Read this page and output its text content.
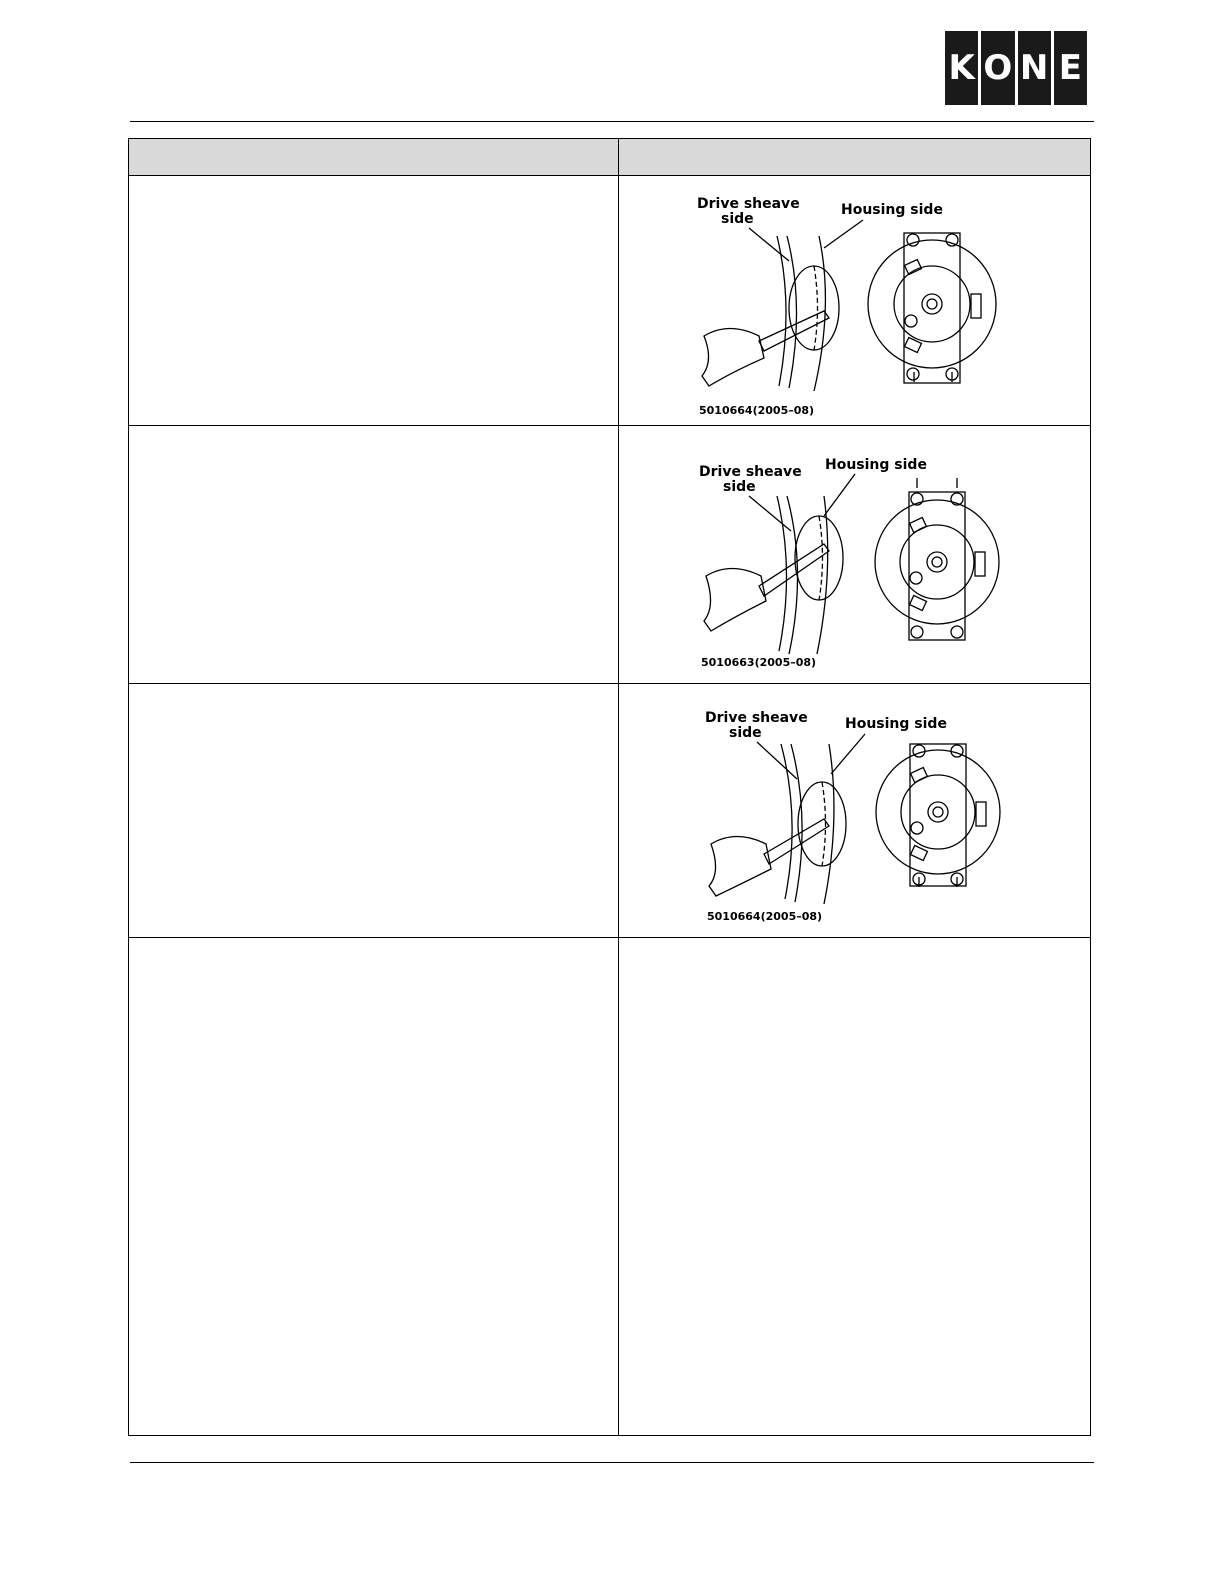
K O N E

Drive sheave
side
Housing side
5010664(2005–08)

Drive sheave
side
Housing side
5010663(2005–08)

Drive sheave
side
Housing side
5010664(2005–08)
